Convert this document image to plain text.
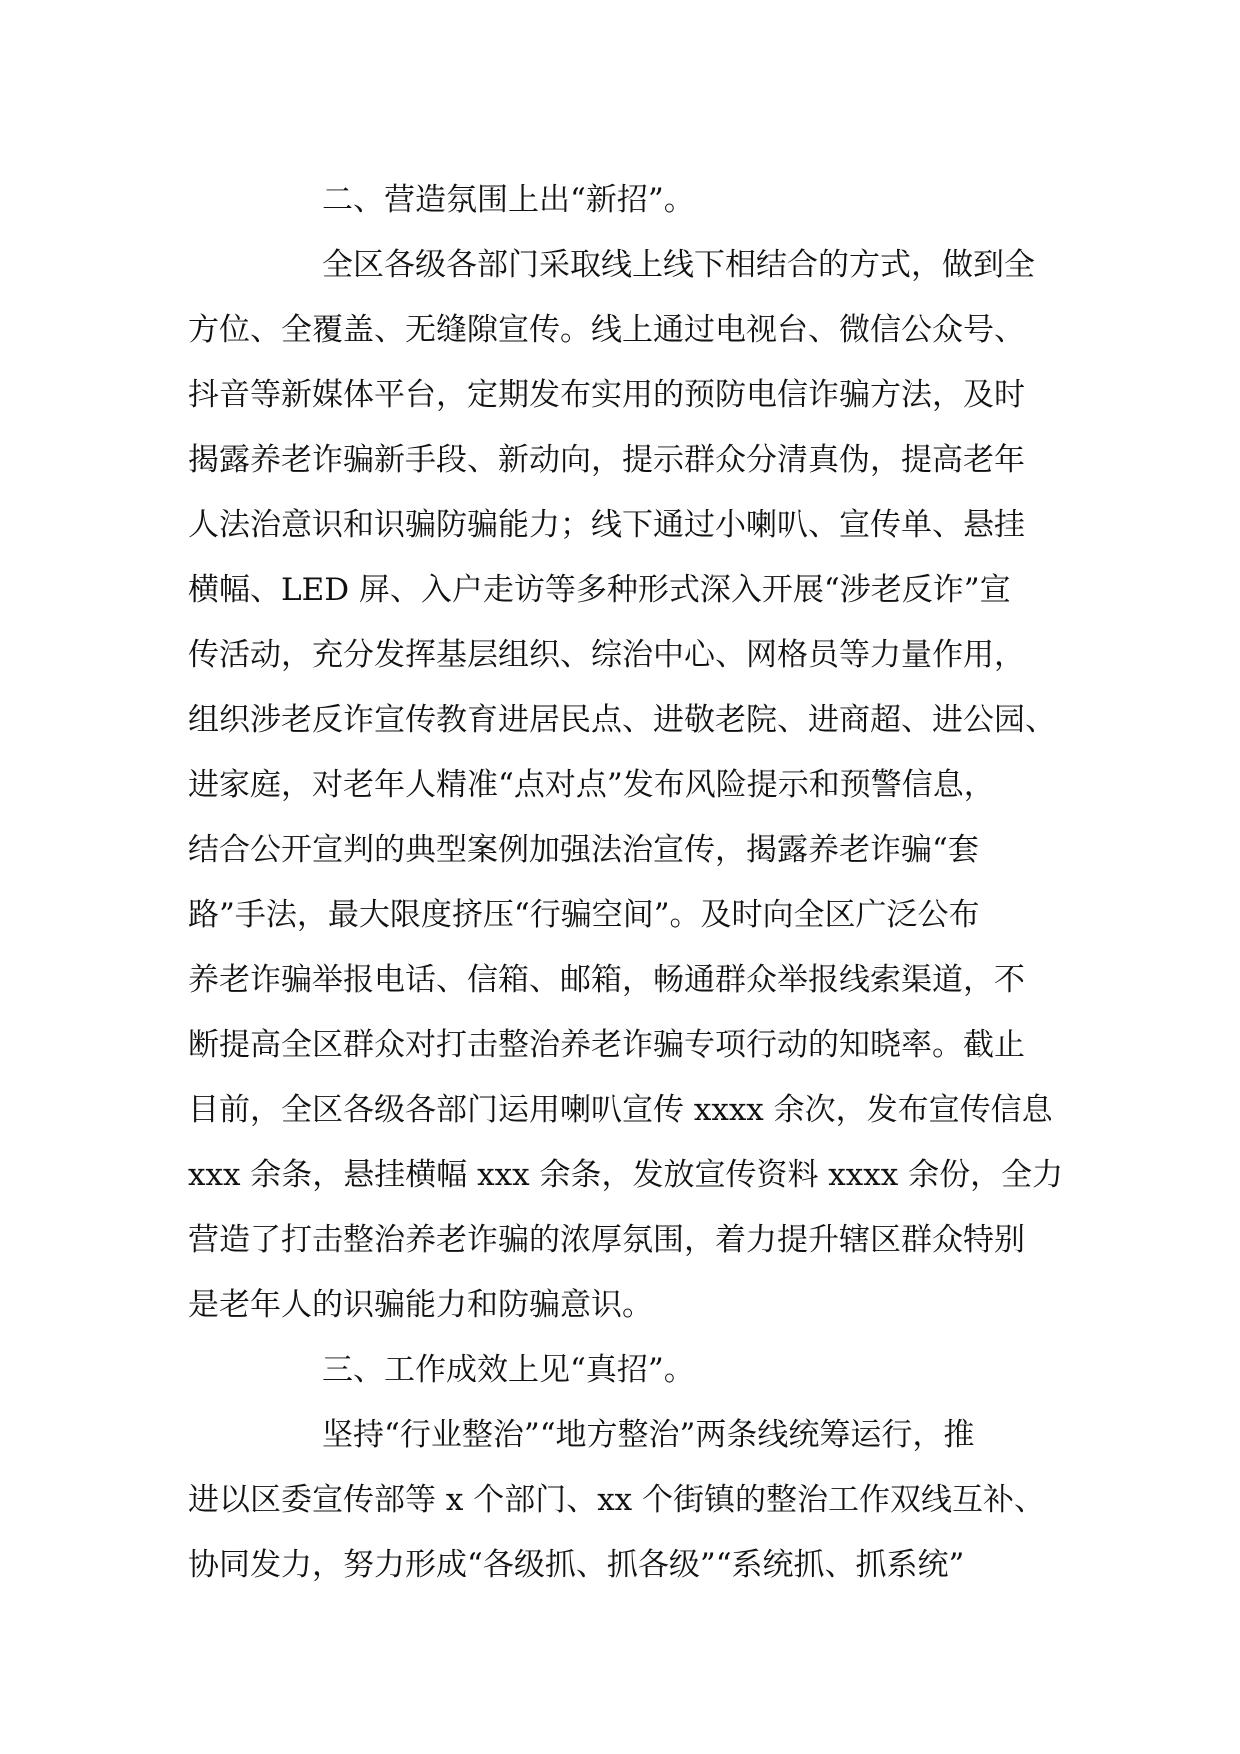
二、营造氛围上出“新招”。
全区各级各部门采取线上线下相结合的方式，做到全
方位、全覆盖、无缝隙宣传。线上通过电视台、微信公众号、
抖音等新媒体平台，定期发布实用的预防电信诈骗方法，及时
揭露养老诈骗新手段、新动向，提示群众分清真伪，提高老年
人法治意识和识骗防骗能力；线下通过小喇叭、宣传单、悬挂
横幅、LED 屏、入户走访等多种形式深入开展“涉老反诈”宣
传活动，充分发挥基层组织、综治中心、网格员等力量作用，
组织涉老反诈宣传教育进居民点、进敬老院、进商超、进公园、
进家庭，对老年人精准“点对点”发布风险提示和预警信息，
结合公开宣判的典型案例加强法治宣传，揭露养老诈骗“套
路”手法，最大限度挤压“行骗空间”。及时向全区广泛公布
养老诈骗举报电话、信箱、邮箱，畅通群众举报线索渠道，不
断提高全区群众对打击整治养老诈骗专项行动的知晓率。截止
目前，全区各级各部门运用喇叭宣传 xxxx 余次，发布宣传信息
xxx 余条，悬挂横幅 xxx 余条，发放宣传资料 xxxx 余份，全力
营造了打击整治养老诈骗的浓厚氛围，着力提升辖区群众特别
是老年人的识骗能力和防骗意识。
三、工作成效上见“真招”。
坚持“行业整治”“地方整治”两条线统筹运行，推
进以区委宣传部等 x 个部门、xx 个街镇的整治工作双线互补、
协同发力，努力形成“各级抓、抓各级”“系统抓、抓系统”
